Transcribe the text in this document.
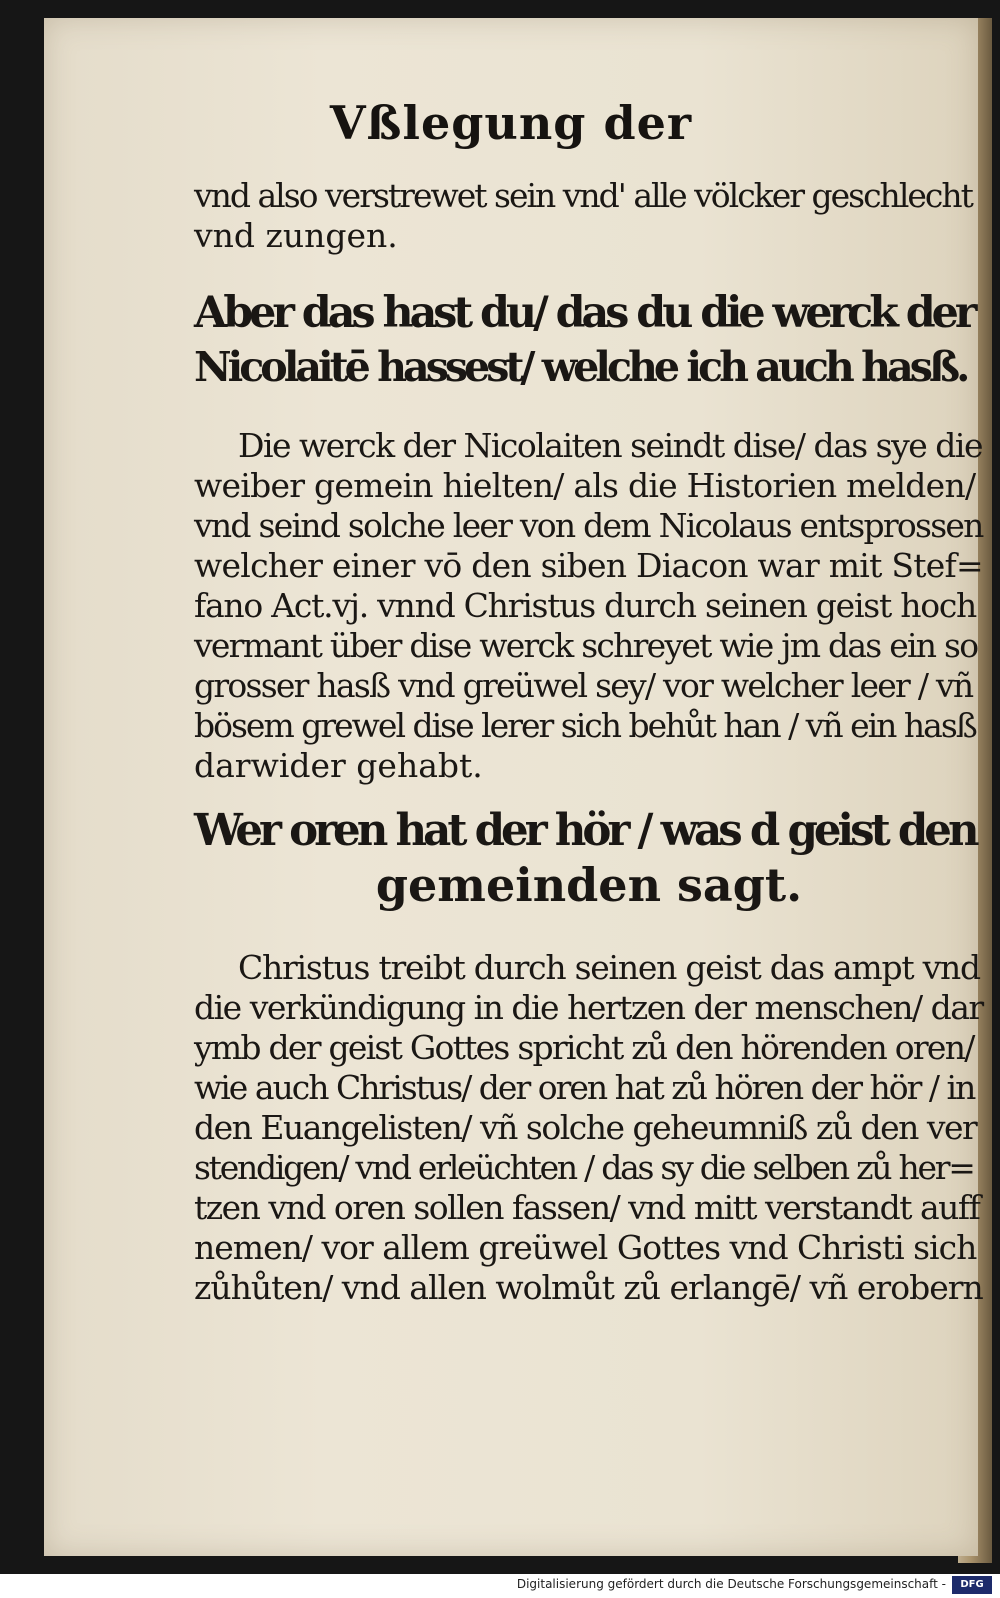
Vßlegung der
vnd also verstrewet sein vnd' alle völcker geschlecht
vnd zungen.
Aber das hast du/ das du die werck der
Nicolaitē hassest/ welche ich auch hasß.
Die werck der Nicolaiten seindt dise/ das sye die
weiber gemein hielten/ als die Historien melden/
vnd seind solche leer von dem Nicolaus entsprossen
welcher einer vō den siben Diacon war mit Stef=
fano Act.vj. vnnd Christus durch seinen geist hoch
vermant über dise werck schreyet wie jm das ein so
grosser hasß vnd greüwel sey/ vor welcher leer / vñ
bösem grewel dise lerer sich behůt han / vñ ein hasß
darwider gehabt.
Wer oren hat der hör / was d geist den
gemeinden sagt.
Christus treibt durch seinen geist das ampt vnd
die verkündigung in die hertzen der menschen/ dar
ymb der geist Gottes spricht zů den hörenden oren/
wie auch Christus/ der oren hat zů hören der hör / in
den Euangelisten/ vñ solche geheumniß zů den ver
stendigen/ vnd erleüchten / das sy die selben zů her=
tzen vnd oren sollen fassen/ vnd mitt verstandt auff
nemen/ vor allem greüwel Gottes vnd Christi sich
zůhůten/ vnd allen wolmůt zů erlangē/ vñ erobern
Digitalisierung gefördert durch die Deutsche Forschungsgemeinschaft -	DFG
